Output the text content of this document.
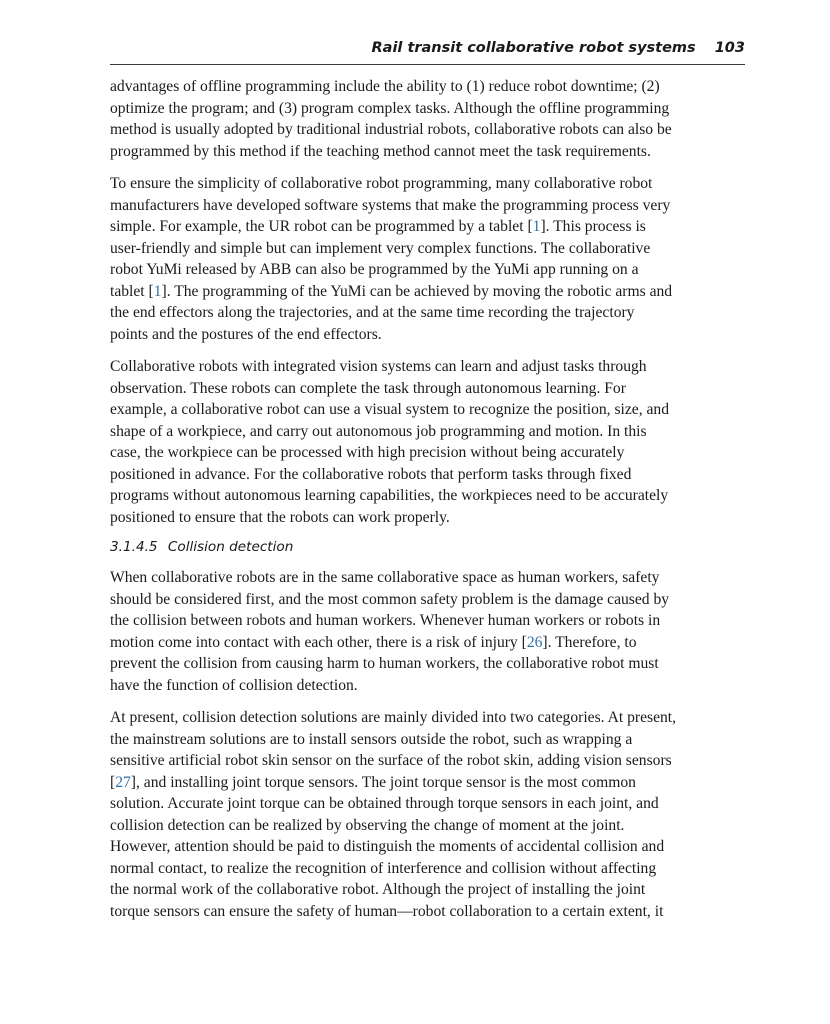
Rail transit collaborative robot systems 103

advantages of offline programming include the ability to (1) reduce robot downtime; (2)
optimize the program; and (3) program complex tasks. Although the offline programming
method is usually adopted by traditional industrial robots, collaborative robots can also be
programmed by this method if the teaching method cannot meet the task requirements.

To ensure the simplicity of collaborative robot programming, many collaborative robot
manufacturers have developed software systems that make the programming process very
simple. For example, the UR robot can be programmed by a tablet [1]. This process is
user-friendly and simple but can implement very complex functions. The collaborative
robot YuMi released by ABB can also be programmed by the YuMi app running on a
tablet [1]. The programming of the YuMi can be achieved by moving the robotic arms and
the end effectors along the trajectories, and at the same time recording the trajectory
points and the postures of the end effectors.

Collaborative robots with integrated vision systems can learn and adjust tasks through
observation. These robots can complete the task through autonomous learning. For
example, a collaborative robot can use a visual system to recognize the position, size, and
shape of a workpiece, and carry out autonomous job programming and motion. In this
case, the workpiece can be processed with high precision without being accurately
positioned in advance. For the collaborative robots that perform tasks through fixed
programs without autonomous learning capabilities, the workpieces need to be accurately
positioned to ensure that the robots can work properly.

3.1.4.5 Collision detection

When collaborative robots are in the same collaborative space as human workers, safety
should be considered first, and the most common safety problem is the damage caused by
the collision between robots and human workers. Whenever human workers or robots in
motion come into contact with each other, there is a risk of injury [26]. Therefore, to
prevent the collision from causing harm to human workers, the collaborative robot must
have the function of collision detection.

At present, collision detection solutions are mainly divided into two categories. At present,
the mainstream solutions are to install sensors outside the robot, such as wrapping a
sensitive artificial robot skin sensor on the surface of the robot skin, adding vision sensors
[27], and installing joint torque sensors. The joint torque sensor is the most common
solution. Accurate joint torque can be obtained through torque sensors in each joint, and
collision detection can be realized by observing the change of moment at the joint.
However, attention should be paid to distinguish the moments of accidental collision and
normal contact, to realize the recognition of interference and collision without affecting
the normal work of the collaborative robot. Although the project of installing the joint
torque sensors can ensure the safety of human—robot collaboration to a certain extent, it
